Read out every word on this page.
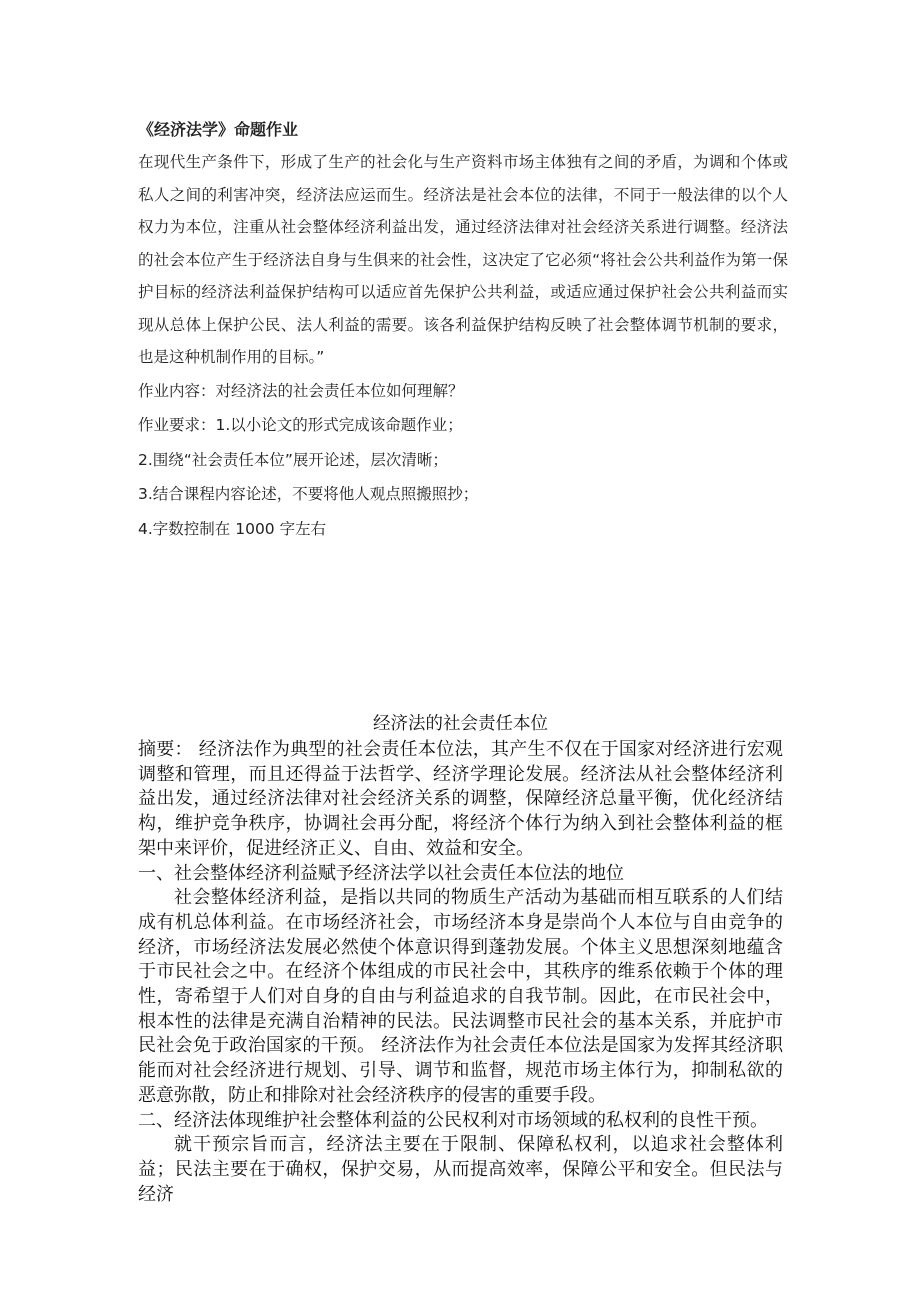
《经济法学》命题作业

在现代生产条件下，形成了生产的社会化与生产资料市场主体独有之间的矛盾，为调和个体或私人之间的利害冲突，经济法应运而生。经济法是社会本位的法律，不同于一般法律的以个人权力为本位，注重从社会整体经济利益出发，通过经济法律对社会经济关系进行调整。经济法的社会本位产生于经济法自身与生俱来的社会性，这决定了它必须“将社会公共利益作为第一保护目标的经济法利益保护结构可以适应首先保护公共利益，或适应通过保护社会公共利益而实现从总体上保护公民、法人利益的需要。该各利益保护结构反映了社会整体调节机制的要求，也是这种机制作用的目标。”

作业内容：对经济法的社会责任本位如何理解？

作业要求：1.以小论文的形式完成该命题作业；

2.围绕“社会责任本位”展开论述，层次清晰；

3.结合课程内容论述，不要将他人观点照搬照抄；

4.字数控制在 1000 字左右

经济法的社会责任本位

摘要： 经济法作为典型的社会责任本位法，其产生不仅在于国家对经济进行宏观调整和管理，而且还得益于法哲学、经济学理论发展。经济法从社会整体经济利益出发，通过经济法律对社会经济关系的调整，保障经济总量平衡，优化经济结构，维护竞争秩序，协调社会再分配，将经济个体行为纳入到社会整体利益的框架中来评价，促进经济正义、自由、效益和安全。

一、社会整体经济利益赋予经济法学以社会责任本位法的地位

社会整体经济利益，是指以共同的物质生产活动为基础而相互联系的人们结成有机总体利益。在市场经济社会，市场经济本身是崇尚个人本位与自由竞争的经济，市场经济法发展必然使个体意识得到蓬勃发展。个体主义思想深刻地蕴含于市民社会之中。在经济个体组成的市民社会中，其秩序的维系依赖于个体的理性，寄希望于人们对自身的自由与利益追求的自我节制。因此，在市民社会中，根本性的法律是充满自治精神的民法。民法调整市民社会的基本关系，并庇护市民社会免于政治国家的干预。 经济法作为社会责任本位法是国家为发挥其经济职能而对社会经济进行规划、引导、调节和监督，规范市场主体行为，抑制私欲的恶意弥散，防止和排除对社会经济秩序的侵害的重要手段。

二、经济法体现维护社会整体利益的公民权利对市场领域的私权利的良性干预。

就干预宗旨而言，经济法主要在于限制、保障私权利，以追求社会整体利益；民法主要在于确权，保护交易，从而提高效率，保障公平和安全。但民法与经济
